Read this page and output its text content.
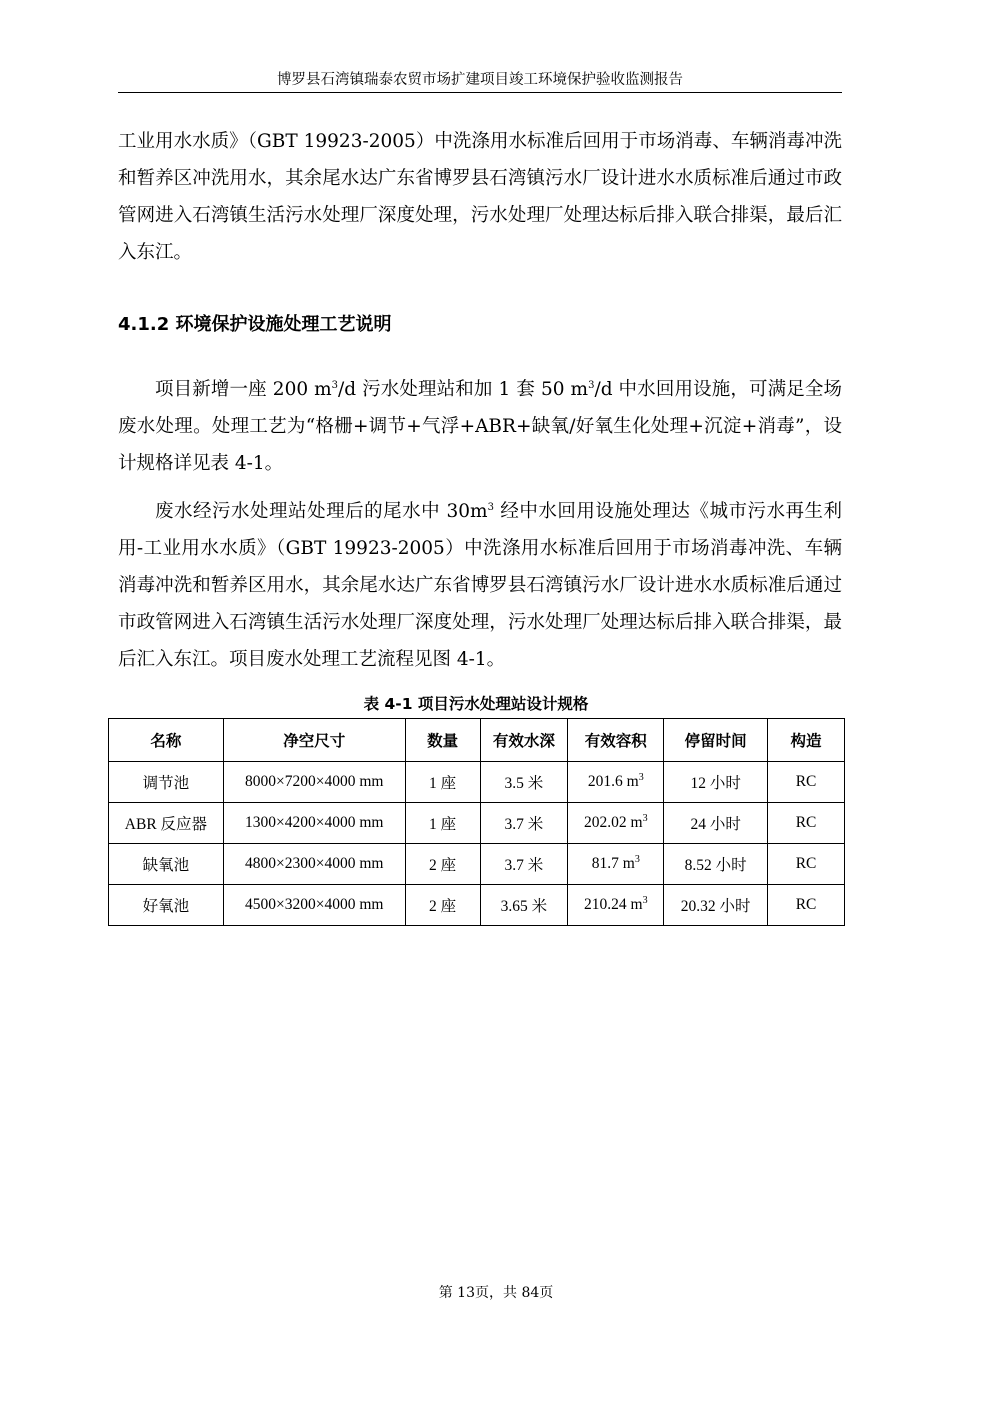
博罗县石湾镇瑞泰农贸市场扩建项目竣工环境保护验收监测报告

工业用水水质》（GBT 19923-2005）中洗涤用水标准后回用于市场消毒、车辆消毒冲洗和暂养区冲洗用水，其余尾水达广东省博罗县石湾镇污水厂设计进水水质标准后通过市政管网进入石湾镇生活污水处理厂深度处理，污水处理厂处理达标后排入联合排渠，最后汇入东江。

4.1.2 环境保护设施处理工艺说明

项目新增一座 200 $m^3/d$ 污水处理站和加 1 套 50 $m^3/d$ 中水回用设施，可满足全场废水处理。处理工艺为“格栅+调节+气浮+ABR+缺氧/好氧生化处理+沉淀+消毒”，设计规格详见表 4-1。

废水经污水处理站处理后的尾水中 $30m^3$ 经中水回用设施处理达《城市污水再生利用-工业用水水质》（GBT 19923-2005）中洗涤用水标准后回用于市场消毒冲洗、车辆消毒冲洗和暂养区用水，其余尾水达广东省博罗县石湾镇污水厂设计进水水质标准后通过市政管网进入石湾镇生活污水处理厂深度处理，污水处理厂处理达标后排入联合排渠，最后汇入东江。项目废水处理工艺流程见图 4-1。

表 4-1 项目污水处理站设计规格
名称	净空尺寸	数量	有效水深	有效容积	停留时间	构造
调节池	8000×7200×4000 mm	1 座	3.5 米	201.6 $m^3$	12 小时	RC
ABR 反应器	1300×4200×4000 mm	1 座	3.7 米	202.02 $m^3$	24 小时	RC
缺氧池	4800×2300×4000 mm	2 座	3.7 米	81.7 $m^3$	8.52 小时	RC
好氧池	4500×3200×4000 mm	2 座	3.65 米	210.24 $m^3$	20.32 小时	RC
第 13页，共 84页
